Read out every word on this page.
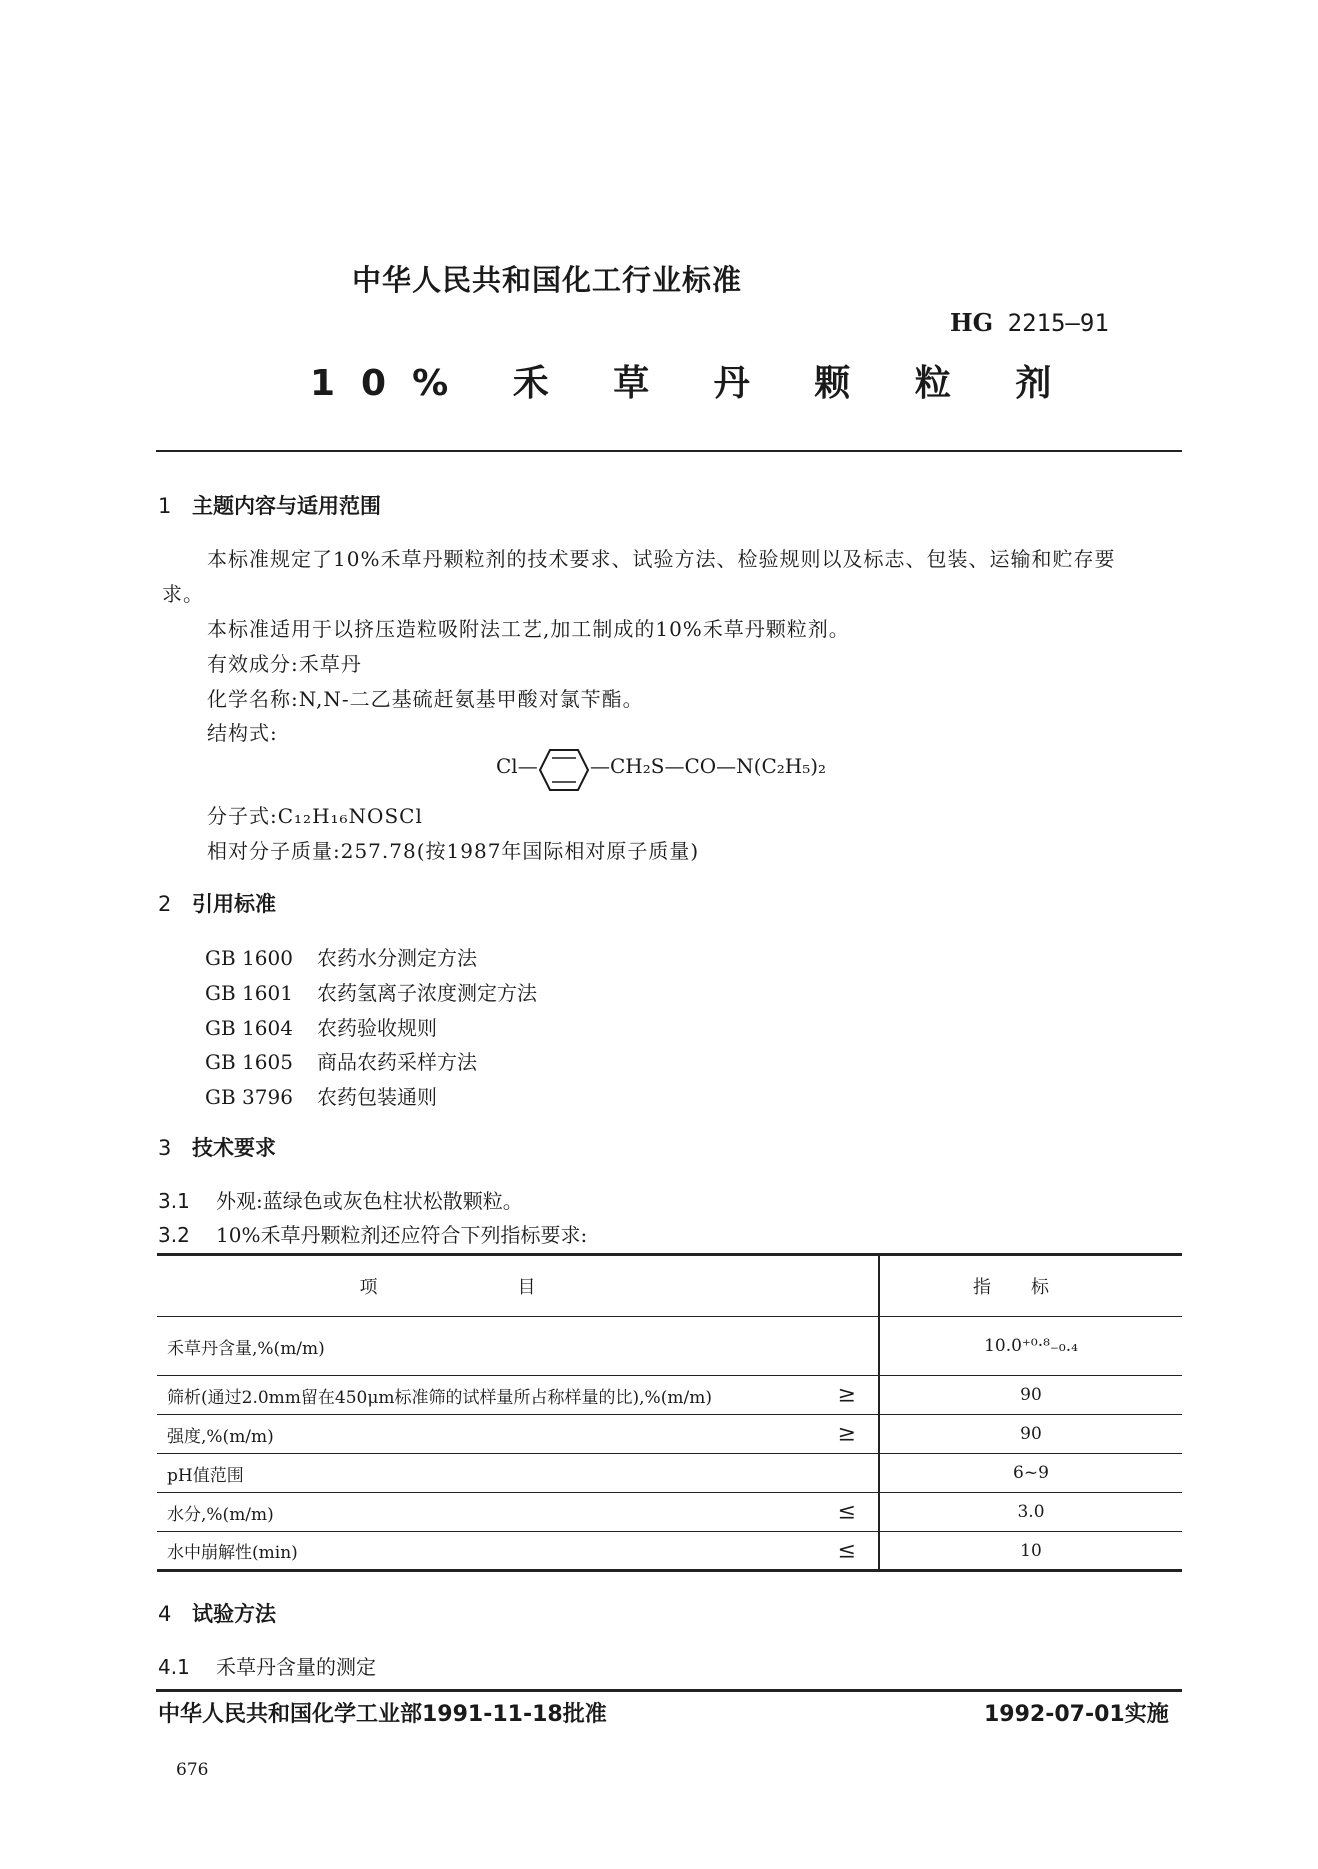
中华人民共和国化工行业标准
HG 2215—91
10% 禾 草 丹 颗 粒 剂
1 主题内容与适用范围
本标准规定了10%禾草丹颗粒剂的技术要求、试验方法、检验规则以及标志、包装、运输和贮存要
求。
本标准适用于以挤压造粒吸附法工艺,加工制成的10%禾草丹颗粒剂。
有效成分:禾草丹
化学名称:N,N-二乙基硫赶氨基甲酸对氯苄酯。
结构式:
Cl—	—CH₂S—CO—N(C₂H₅)₂
分子式:C₁₂H₁₆NOSCl
相对分子质量:257.78(按1987年国际相对原子质量)
2 引用标准
GB 1600 农药水分测定方法
GB 1601 农药氢离子浓度测定方法
GB 1604 农药验收规则
GB 1605 商品农药采样方法
GB 3796 农药包装通则
3 技术要求
3.1 外观:蓝绿色或灰色柱状松散颗粒。
3.2 10%禾草丹颗粒剂还应符合下列指标要求:
项目	指标
禾草丹含量,%(m/m)	10.0⁺⁰·⁸₋₀.₄
筛析(通过2.0mm留在450μm标准筛的试样量所占称样量的比),%(m/m) ≥	90
强度,%(m/m) ≥	90
pH值范围	6~9
水分,%(m/m) ≤	3.0
水中崩解性(min) ≤	10
4 试验方法
4.1 禾草丹含量的测定
中华人民共和国化学工业部1991-11-18批准	1992-07-01实施
676
